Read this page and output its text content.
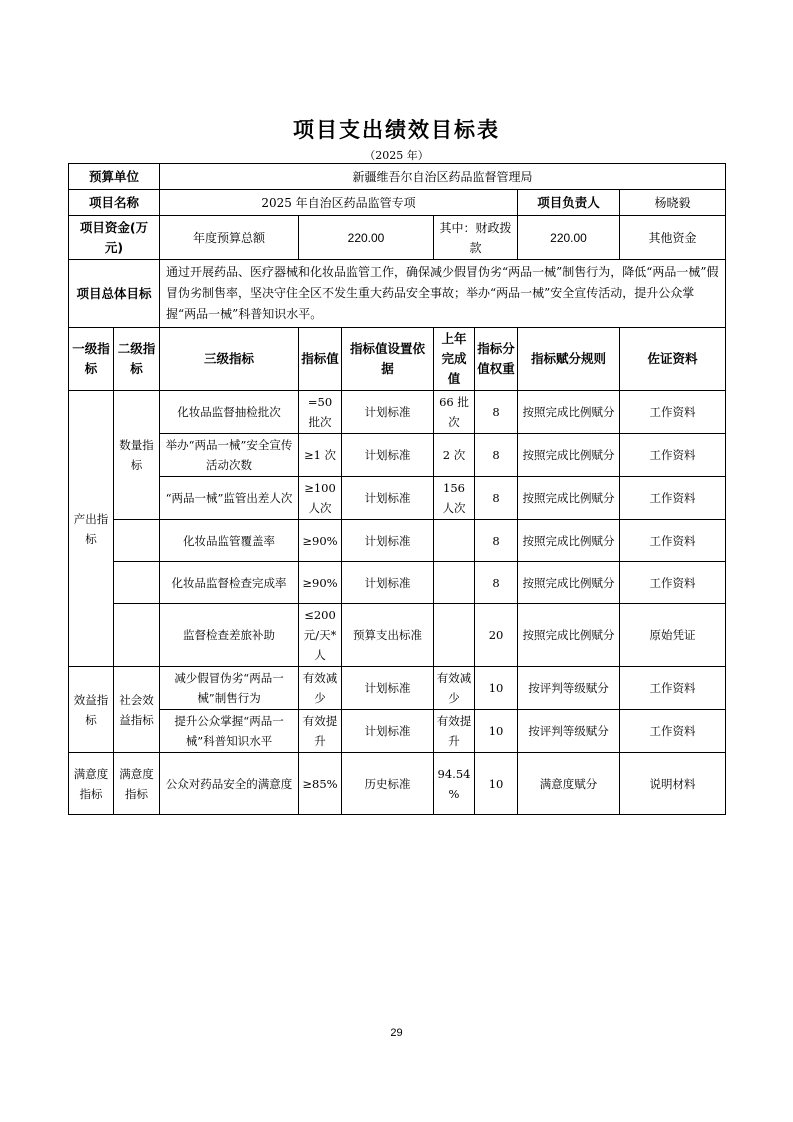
项目支出绩效目标表
（2025 年）
预算单位		新疆维吾尔自治区药品监督管理局							
项目名称		2025 年自治区药品监管专项					项目负责人	杨晓毅	
项目资金(万元)		年度预算总额	220.00		其中：财政拨款		220.00	其他资金	
项目总体目标		通过开展药品、医疗器械和化妆品监管工作，确保减少假冒伪劣“两品一械”制售行为，降低“两品一械”假冒伪劣制售率，坚决守住全区不发生重大药品安全事故；举办“两品一械”安全宣传活动，提升公众掌握“两品一械”科普知识水平。							
一级指标	二级指标	三级指标	指标值	指标值设置依据	上年完成值	指标分值权重	指标赋分规则	佐证资料	
产出指标	数量指标	化妆品监督抽检批次	=50 批次	计划标准	66 批次	8	按照完成比例赋分	工作资料	
		举办“两品一械”安全宣传活动次数	≥1 次	计划标准	2 次	8	按照完成比例赋分	工作资料	
		“两品一械”监管出差人次	≥100 人次	计划标准	156 人次	8	按照完成比例赋分	工作资料	
		化妆品监管覆盖率	≥90%	计划标准		8	按照完成比例赋分	工作资料	
		化妆品监督检查完成率	≥90%	计划标准		8	按照完成比例赋分	工作资料	
		监督检查差旅补助	≤200 元/天*人	预算支出标准		20	按照完成比例赋分	原始凭证	
效益指标	社会效益指标	减少假冒伪劣“两品一械”制售行为	有效减少	计划标准	有效减少	10	按评判等级赋分	工作资料	
		提升公众掌握“两品一械”科普知识水平	有效提升	计划标准	有效提升	10	按评判等级赋分	工作资料	
满意度指标	满意度指标	公众对药品安全的满意度	≥85%	历史标准	94.54 %	10	满意度赋分	说明材料	
29
